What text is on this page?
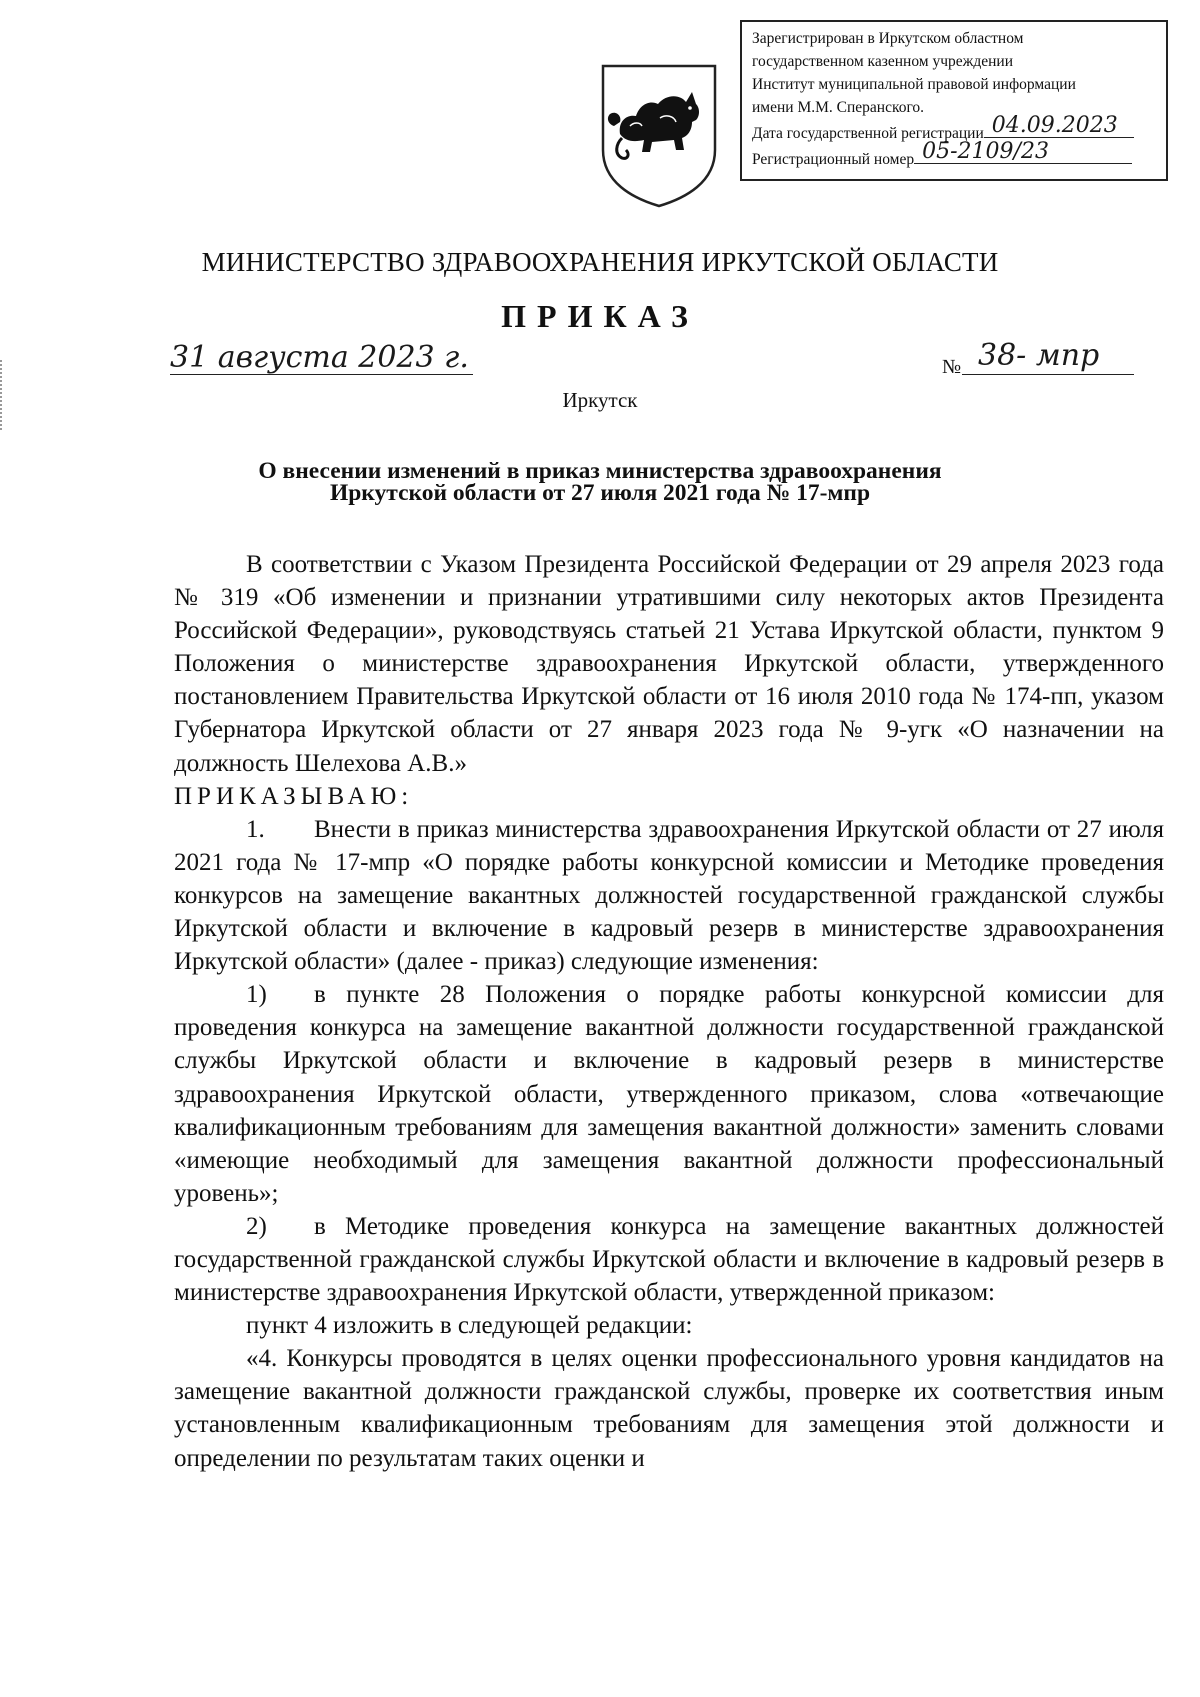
Зарегистрирован в Иркутском областном
государственном казенном учреждении
Институт муниципальной правовой информации
имени М.М. Сперанского.
Дата государственной регистрации 04.09.2023
Регистрационный номер 05-2109/23
МИНИСТЕРСТВО ЗДРАВООХРАНЕНИЯ ИРКУТСКОЙ ОБЛАСТИ
ПРИКАЗ
31 августа 2023 г.	№ 38- мпр
Иркутск
О внесении изменений в приказ министерства здравоохранения
Иркутской области от 27 июля 2021 года № 17-мпр

В соответствии с Указом Президента Российской Федерации от 29 апреля 2023 года № 319 «Об изменении и признании утратившими силу некоторых актов Президента Российской Федерации», руководствуясь статьей 21 Устава Иркутской области, пунктом 9 Положения о министерстве здравоохранения Иркутской области, утвержденного постановлением Правительства Иркутской области от 16 июля 2010 года № 174-пп, указом Губернатора Иркутской области от 27 января 2023 года № 9-угк «О назначении на должность Шелехова А.В.»

ПРИКАЗЫВАЮ:

1. Внести в приказ министерства здравоохранения Иркутской области от 27 июля 2021 года № 17-мпр «О порядке работы конкурсной комиссии и Методике проведения конкурсов на замещение вакантных должностей государственной гражданской службы Иркутской области и включение в кадровый резерв в министерстве здравоохранения Иркутской области» (далее - приказ) следующие изменения:

1) в пункте 28 Положения о порядке работы конкурсной комиссии для проведения конкурса на замещение вакантной должности государственной гражданской службы Иркутской области и включение в кадровый резерв в министерстве здравоохранения Иркутской области, утвержденного приказом, слова «отвечающие квалификационным требованиям для замещения вакантной должности» заменить словами «имеющие необходимый для замещения вакантной должности профессиональный уровень»;

2) в Методике проведения конкурса на замещение вакантных должностей государственной гражданской службы Иркутской области и включение в кадровый резерв в министерстве здравоохранения Иркутской области, утвержденной приказом:

пункт 4 изложить в следующей редакции:

«4. Конкурсы проводятся в целях оценки профессионального уровня кандидатов на замещение вакантной должности гражданской службы, проверке их соответствия иным установленным квалификационным требованиям для замещения этой должности и определении по результатам таких оценки и
